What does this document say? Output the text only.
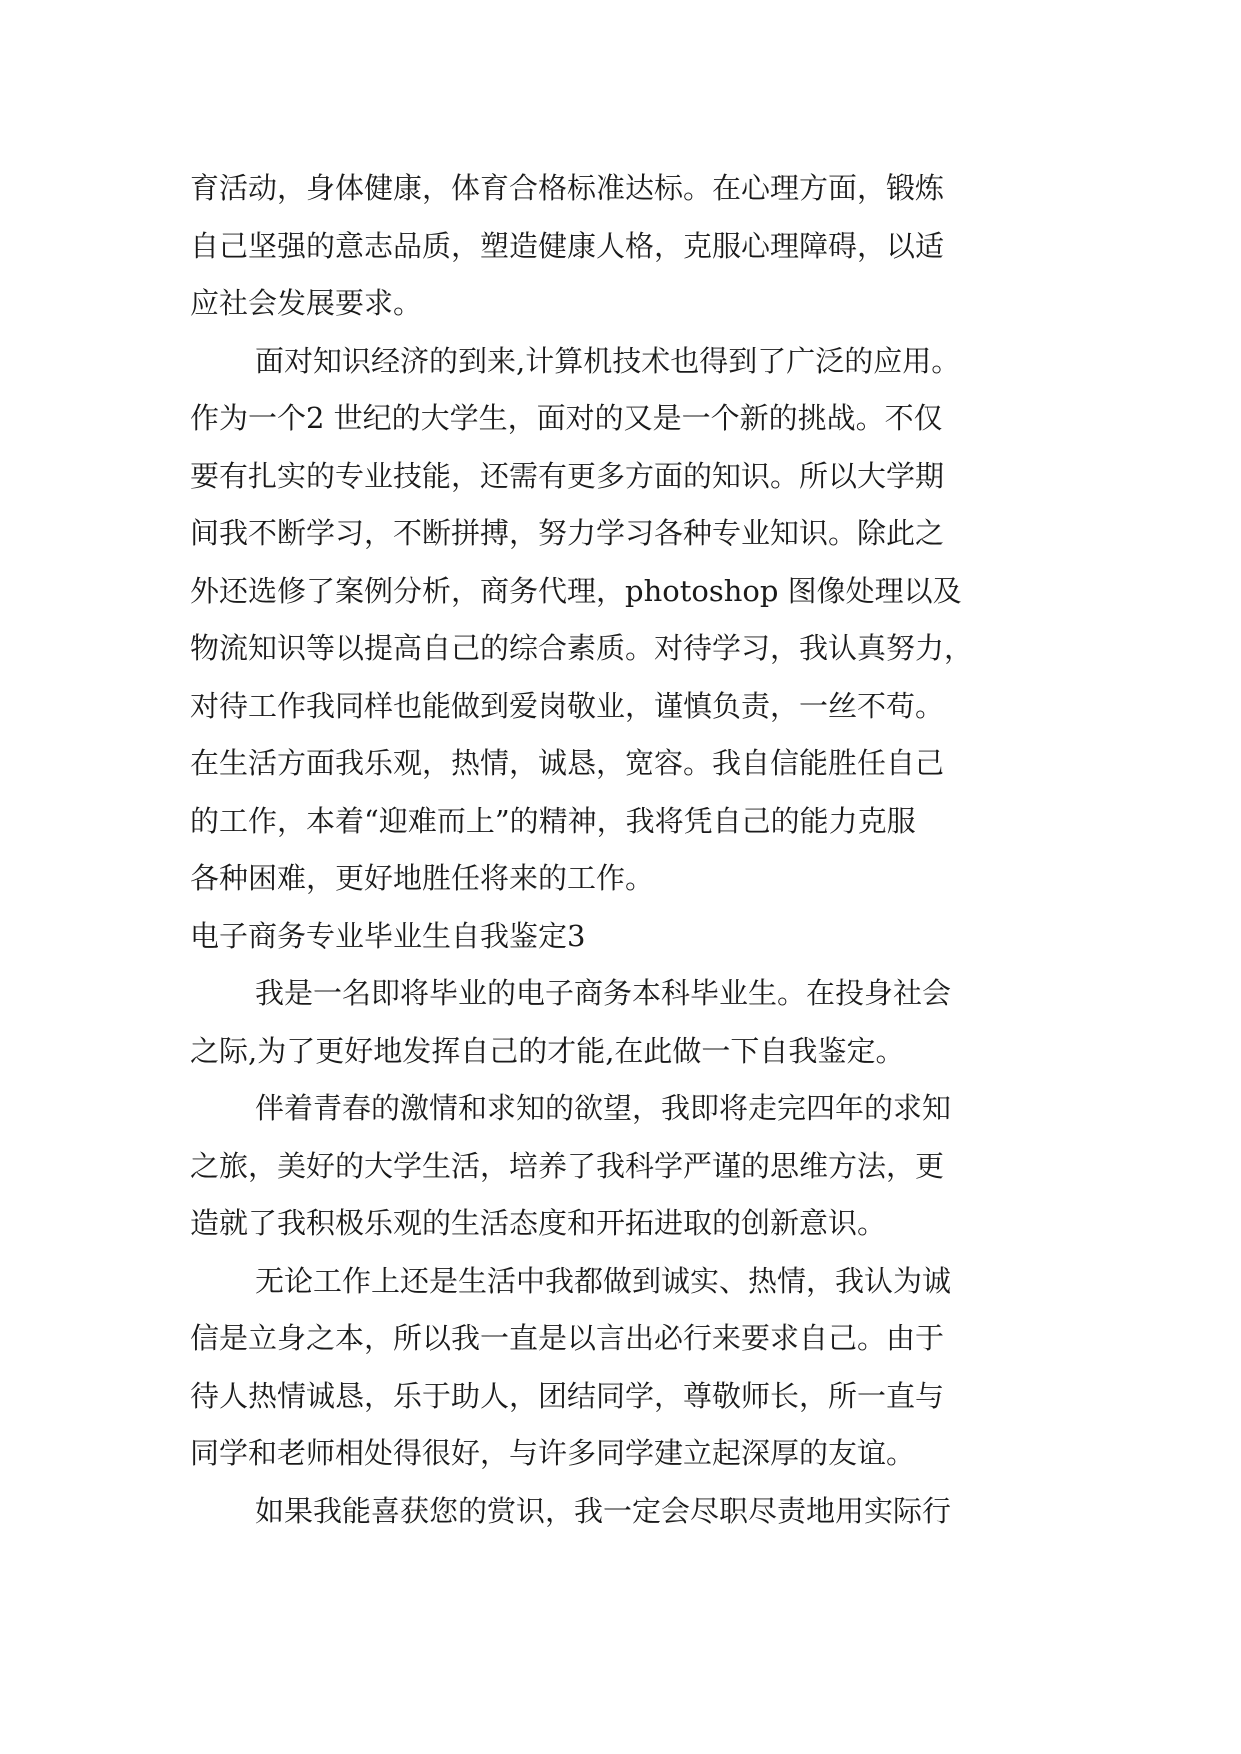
育活动，身体健康，体育合格标准达标。在心理方面，锻炼
自己坚强的意志品质，塑造健康人格，克服心理障碍，以适
应社会发展要求。
面对知识经济的到来,计算机技术也得到了广泛的应用。
作为一个2 世纪的大学生，面对的又是一个新的挑战。不仅
要有扎实的专业技能，还需有更多方面的知识。所以大学期
间我不断学习，不断拼搏，努力学习各种专业知识。除此之
外还选修了案例分析，商务代理，photoshop 图像处理以及
物流知识等以提高自己的综合素质。对待学习，我认真努力，
对待工作我同样也能做到爱岗敬业，谨慎负责，一丝不苟。
在生活方面我乐观，热情，诚恳，宽容。我自信能胜任自己
的工作，本着“迎难而上”的精神，我将凭自己的能力克服
各种困难，更好地胜任将来的工作。
电子商务专业毕业生自我鉴定3
我是一名即将毕业的电子商务本科毕业生。在投身社会
之际,为了更好地发挥自己的才能,在此做一下自我鉴定。
伴着青春的激情和求知的欲望，我即将走完四年的求知
之旅，美好的大学生活，培养了我科学严谨的思维方法，更
造就了我积极乐观的生活态度和开拓进取的创新意识。
无论工作上还是生活中我都做到诚实、热情，我认为诚
信是立身之本，所以我一直是以言出必行来要求自己。由于
待人热情诚恳，乐于助人，团结同学，尊敬师长，所一直与
同学和老师相处得很好，与许多同学建立起深厚的友谊。
如果我能喜获您的赏识，我一定会尽职尽责地用实际行
